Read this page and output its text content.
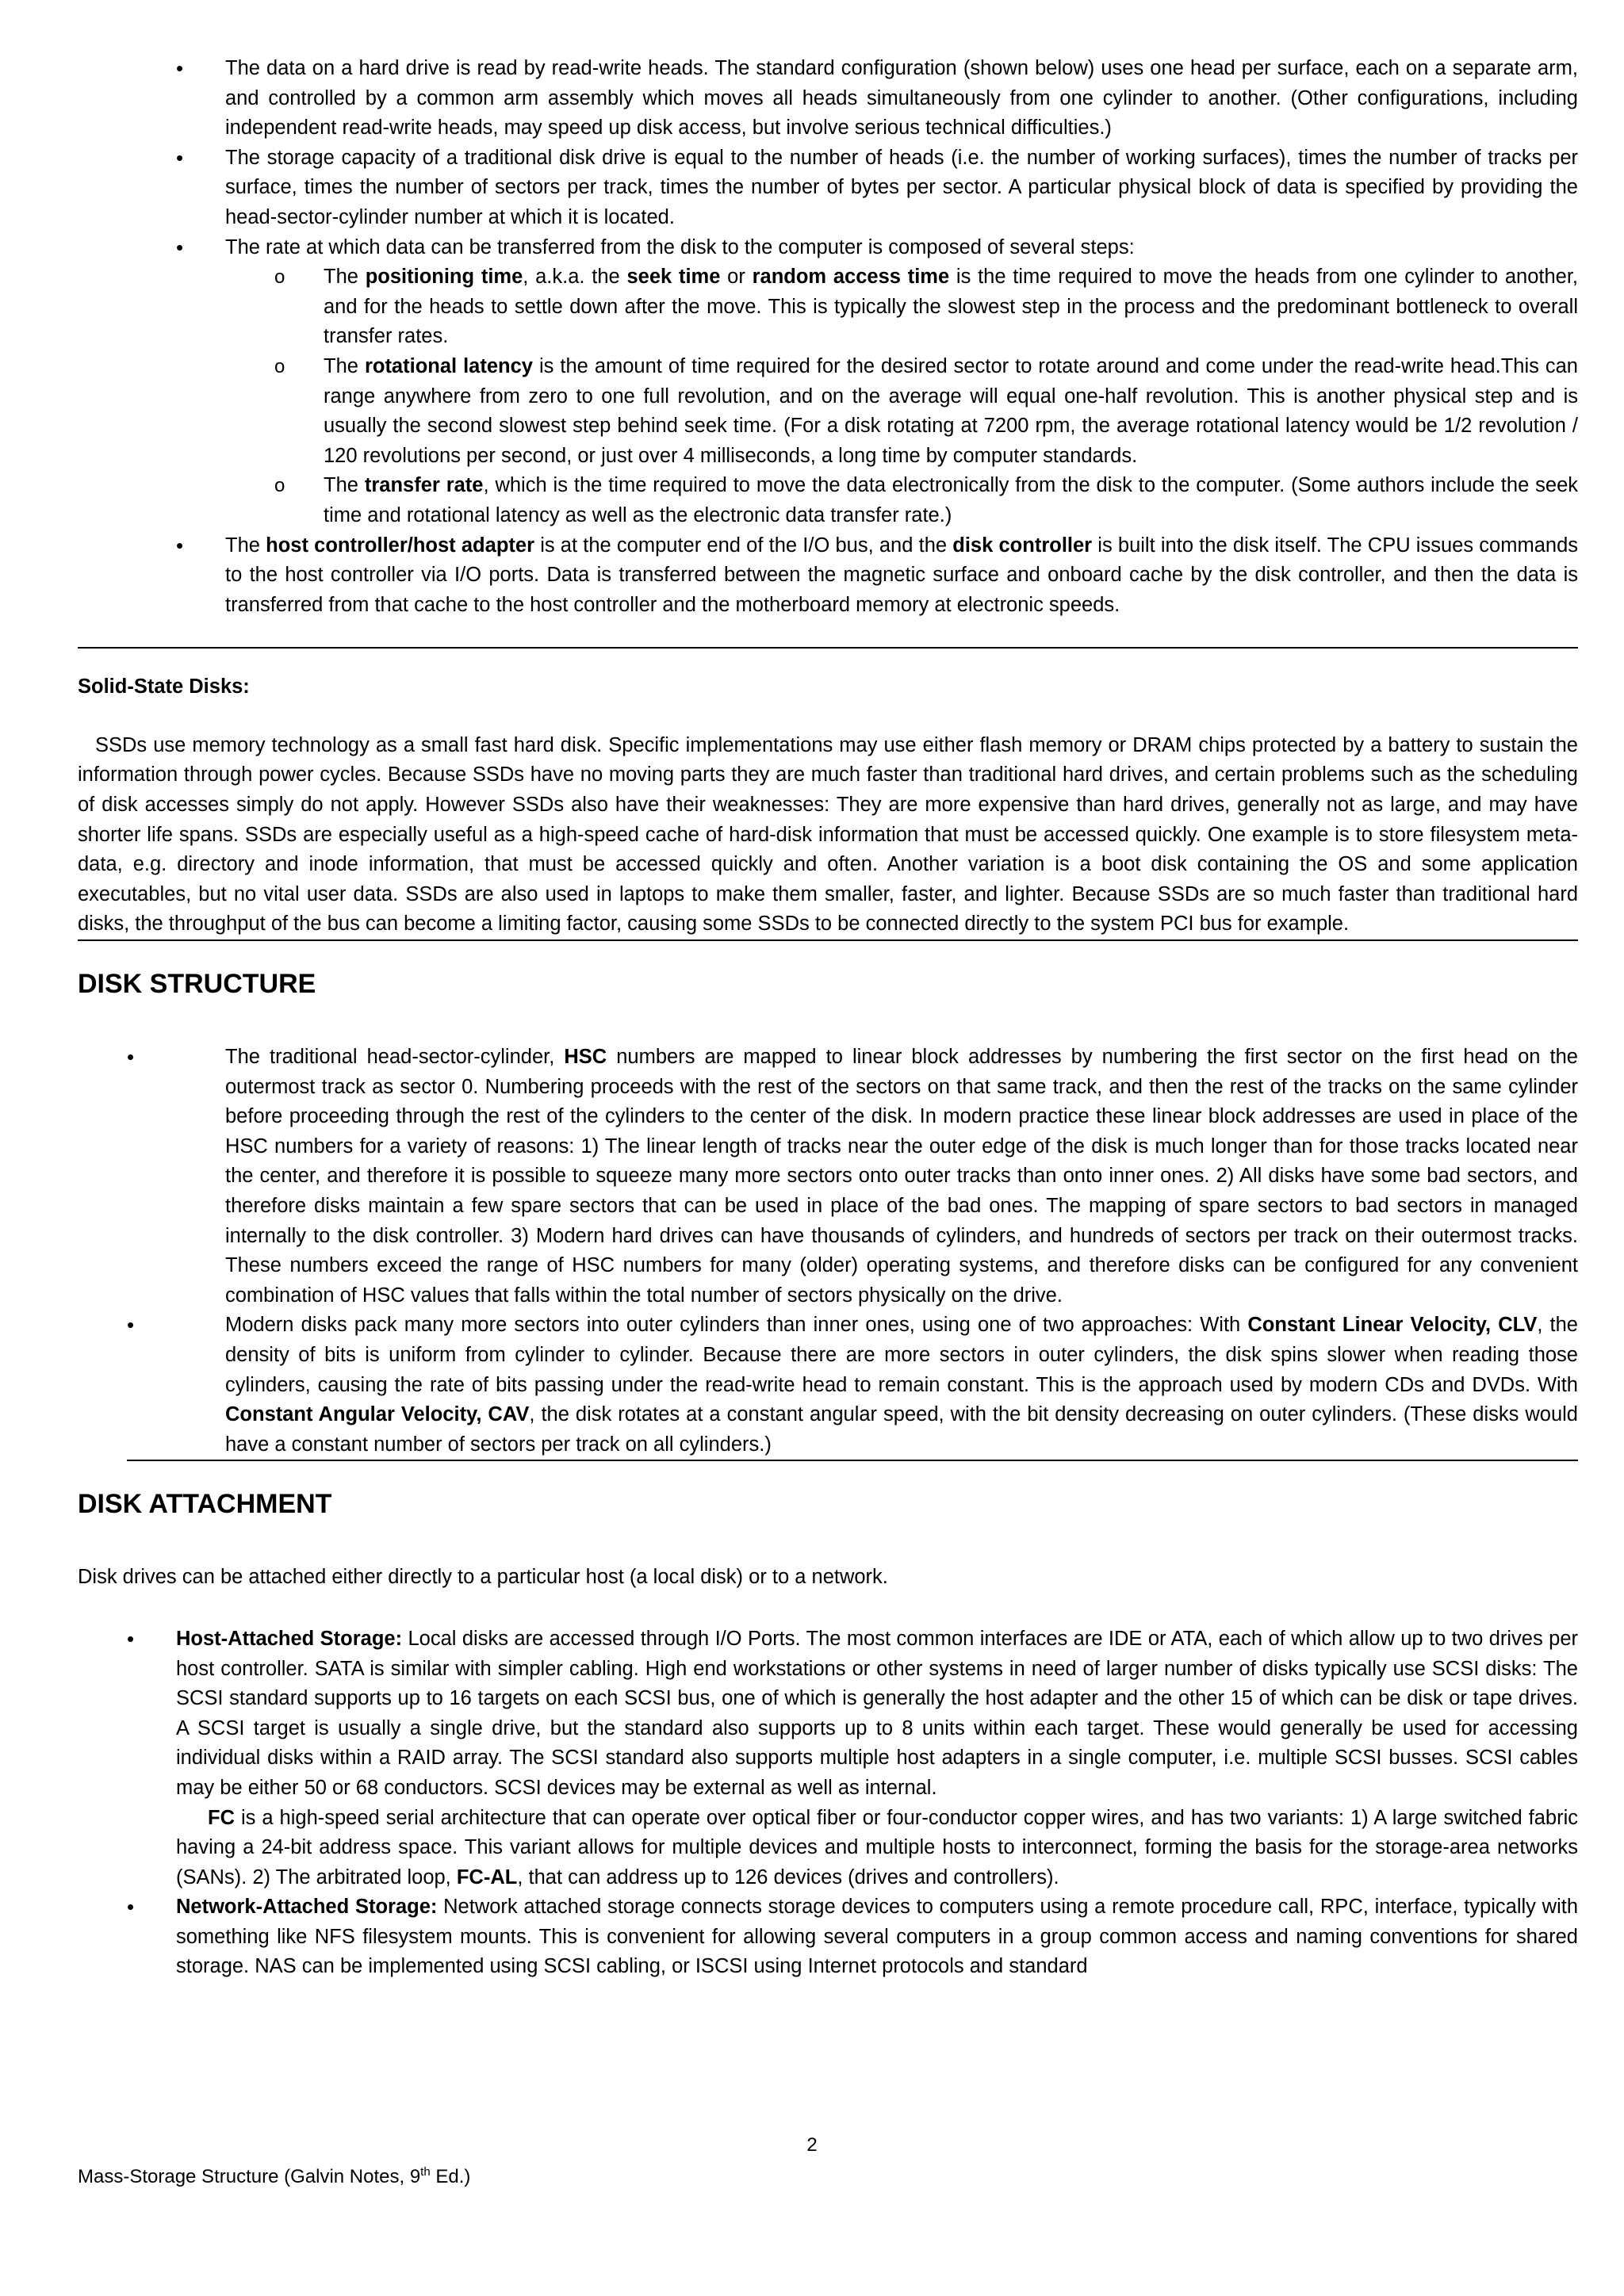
• The data on a hard drive is read by read-write heads. The standard configuration (shown below) uses one head per surface, each on a separate arm, and controlled by a common arm assembly which moves all heads simultaneously from one cylinder to another. (Other configurations, including independent read-write heads, may speed up disk access, but involve serious technical difficulties.)
• The storage capacity of a traditional disk drive is equal to the number of heads (i.e. the number of working surfaces), times the number of tracks per surface, times the number of sectors per track, times the number of bytes per sector. A particular physical block of data is specified by providing the head-sector-cylinder number at which it is located.
• The rate at which data can be transferred from the disk to the computer is composed of several steps:
o The positioning time, a.k.a. the seek time or random access time is the time required to move the heads from one cylinder to another, and for the heads to settle down after the move. This is typically the slowest step in the process and the predominant bottleneck to overall transfer rates.
o The rotational latency is the amount of time required for the desired sector to rotate around and come under the read-write head.This can range anywhere from zero to one full revolution, and on the average will equal one-half revolution. This is another physical step and is usually the second slowest step behind seek time. (For a disk rotating at 7200 rpm, the average rotational latency would be 1/2 revolution / 120 revolutions per second, or just over 4 milliseconds, a long time by computer standards.
o The transfer rate, which is the time required to move the data electronically from the disk to the computer. (Some authors include the seek time and rotational latency as well as the electronic data transfer rate.)
• The host controller/host adapter is at the computer end of the I/O bus, and the disk controller is built into the disk itself. The CPU issues commands to the host controller via I/O ports. Data is transferred between the magnetic surface and onboard cache by the disk controller, and then the data is transferred from that cache to the host controller and the motherboard memory at electronic speeds.
Solid-State Disks:

SSDs use memory technology as a small fast hard disk. Specific implementations may use either flash memory or DRAM chips protected by a battery to sustain the information through power cycles. Because SSDs have no moving parts they are much faster than traditional hard drives, and certain problems such as the scheduling of disk accesses simply do not apply. However SSDs also have their weaknesses: They are more expensive than hard drives, generally not as large, and may have shorter life spans. SSDs are especially useful as a high-speed cache of hard-disk information that must be accessed quickly. One example is to store filesystem meta-data, e.g. directory and inode information, that must be accessed quickly and often. Another variation is a boot disk containing the OS and some application executables, but no vital user data. SSDs are also used in laptops to make them smaller, faster, and lighter. Because SSDs are so much faster than traditional hard disks, the throughput of the bus can become a limiting factor, causing some SSDs to be connected directly to the system PCI bus for example.

DISK STRUCTURE
• The traditional head-sector-cylinder, HSC numbers are mapped to linear block addresses by numbering the first sector on the first head on the outermost track as sector 0. Numbering proceeds with the rest of the sectors on that same track, and then the rest of the tracks on the same cylinder before proceeding through the rest of the cylinders to the center of the disk. In modern practice these linear block addresses are used in place of the HSC numbers for a variety of reasons: 1) The linear length of tracks near the outer edge of the disk is much longer than for those tracks located near the center, and therefore it is possible to squeeze many more sectors onto outer tracks than onto inner ones. 2) All disks have some bad sectors, and therefore disks maintain a few spare sectors that can be used in place of the bad ones. The mapping of spare sectors to bad sectors in managed internally to the disk controller. 3) Modern hard drives can have thousands of cylinders, and hundreds of sectors per track on their outermost tracks. These numbers exceed the range of HSC numbers for many (older) operating systems, and therefore disks can be configured for any convenient combination of HSC values that falls within the total number of sectors physically on the drive.
• Modern disks pack many more sectors into outer cylinders than inner ones, using one of two approaches: With Constant Linear Velocity, CLV, the density of bits is uniform from cylinder to cylinder. Because there are more sectors in outer cylinders, the disk spins slower when reading those cylinders, causing the rate of bits passing under the read-write head to remain constant. This is the approach used by modern CDs and DVDs. With Constant Angular Velocity, CAV, the disk rotates at a constant angular speed, with the bit density decreasing on outer cylinders. (These disks would have a constant number of sectors per track on all cylinders.)
DISK ATTACHMENT

Disk drives can be attached either directly to a particular host (a local disk) or to a network.

• Host-Attached Storage: Local disks are accessed through I/O Ports. The most common interfaces are IDE or ATA, each of which allow up to two drives per host controller. SATA is similar with simpler cabling. High end workstations or other systems in need of larger number of disks typically use SCSI disks: The SCSI standard supports up to 16 targets on each SCSI bus, one of which is generally the host adapter and the other 15 of which can be disk or tape drives. A SCSI target is usually a single drive, but the standard also supports up to 8 units within each target. These would generally be used for accessing individual disks within a RAID array. The SCSI standard also supports multiple host adapters in a single computer, i.e. multiple SCSI busses. SCSI cables may be either 50 or 68 conductors. SCSI devices may be external as well as internal.

FC is a high-speed serial architecture that can operate over optical fiber or four-conductor copper wires, and has two variants: 1) A large switched fabric having a 24-bit address space. This variant allows for multiple devices and multiple hosts to interconnect, forming the basis for the storage-area networks (SANs). 2) The arbitrated loop, FC-AL, that can address up to 126 devices (drives and controllers).

• Network-Attached Storage: Network attached storage connects storage devices to computers using a remote procedure call, RPC, interface, typically with something like NFS filesystem mounts. This is convenient for allowing several computers in a group common access and naming conventions for shared storage. NAS can be implemented using SCSI cabling, or ISCSI using Internet protocols and standard
2
Mass-Storage Structure (Galvin Notes, 9th Ed.)
